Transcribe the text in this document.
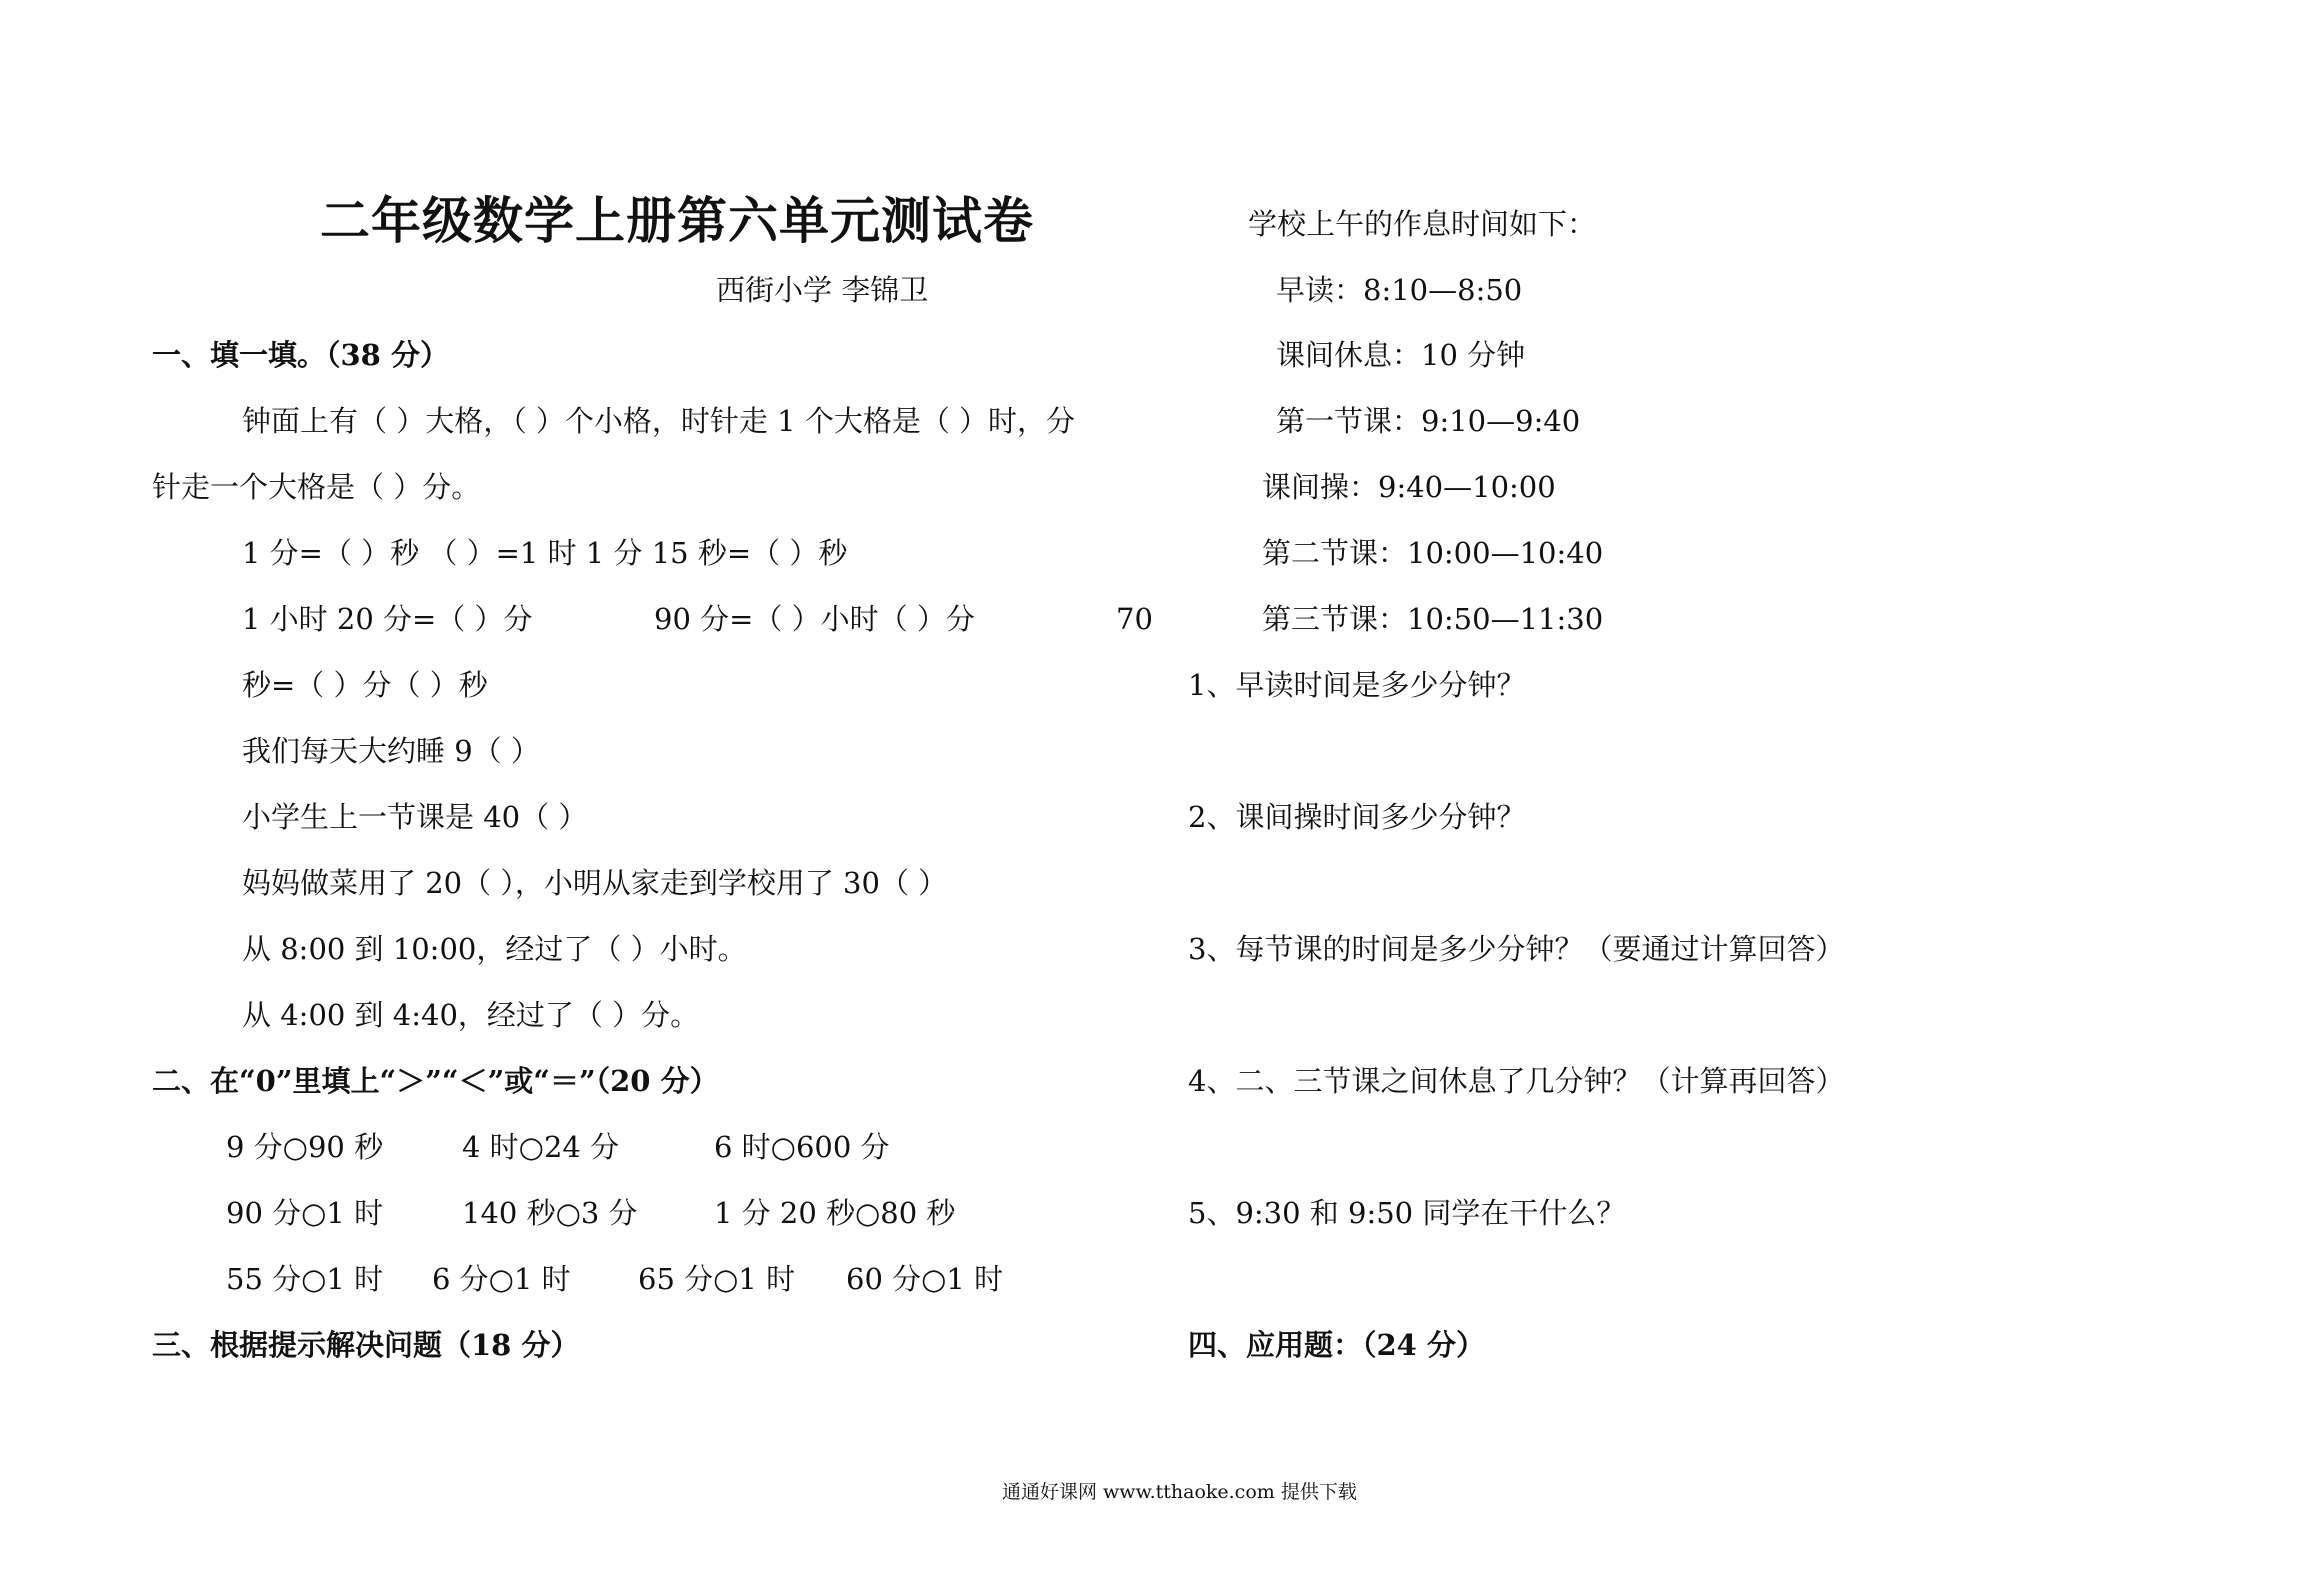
二年级数学上册第六单元测试卷
西街小学 李锦卫
一、填一填。（38 分）
钟面上有（ ）大格，（ ）个小格，时针走 1 个大格是（ ）时，分
针走一个大格是（ ）分。
1 分=（ ）秒 （ ）=1 时 1 分 15 秒=（ ）秒
1 小时 20 分=（ ）分	90 分=（ ）小时（ ）分	70
秒=（ ）分（ ）秒
我们每天大约睡 9（ ）
小学生上一节课是 40（ ）
妈妈做菜用了 20（ ），小明从家走到学校用了 30（ ）
从 8:00 到 10:00，经过了（ ）小时。
从 4:00 到 4:40，经过了（ ）分。
二、在“0”里填上“＞”“＜”或“＝”（20 分）
9 分○90 秒	4 时○24 分	6 时○600 分
90 分○1 时	140 秒○3 分	1 分 20 秒○80 秒
55 分○1 时 6 分○1 时 65 分○1 时 60 分○1 时
三、根据提示解决问题（18 分）
学校上午的作息时间如下：
早读：8:10—8:50
课间休息：10 分钟
第一节课：9:10—9:40
课间操：9:40—10:00
第二节课：10:00—10:40
第三节课：10:50—11:30
1、早读时间是多少分钟？
2、课间操时间多少分钟？
3、每节课的时间是多少分钟？（要通过计算回答）
4、二、三节课之间休息了几分钟？（计算再回答）
5、9:30 和 9:50 同学在干什么？
四、应用题：（24 分）
通通好课网 www.tthaoke.com 提供下载
